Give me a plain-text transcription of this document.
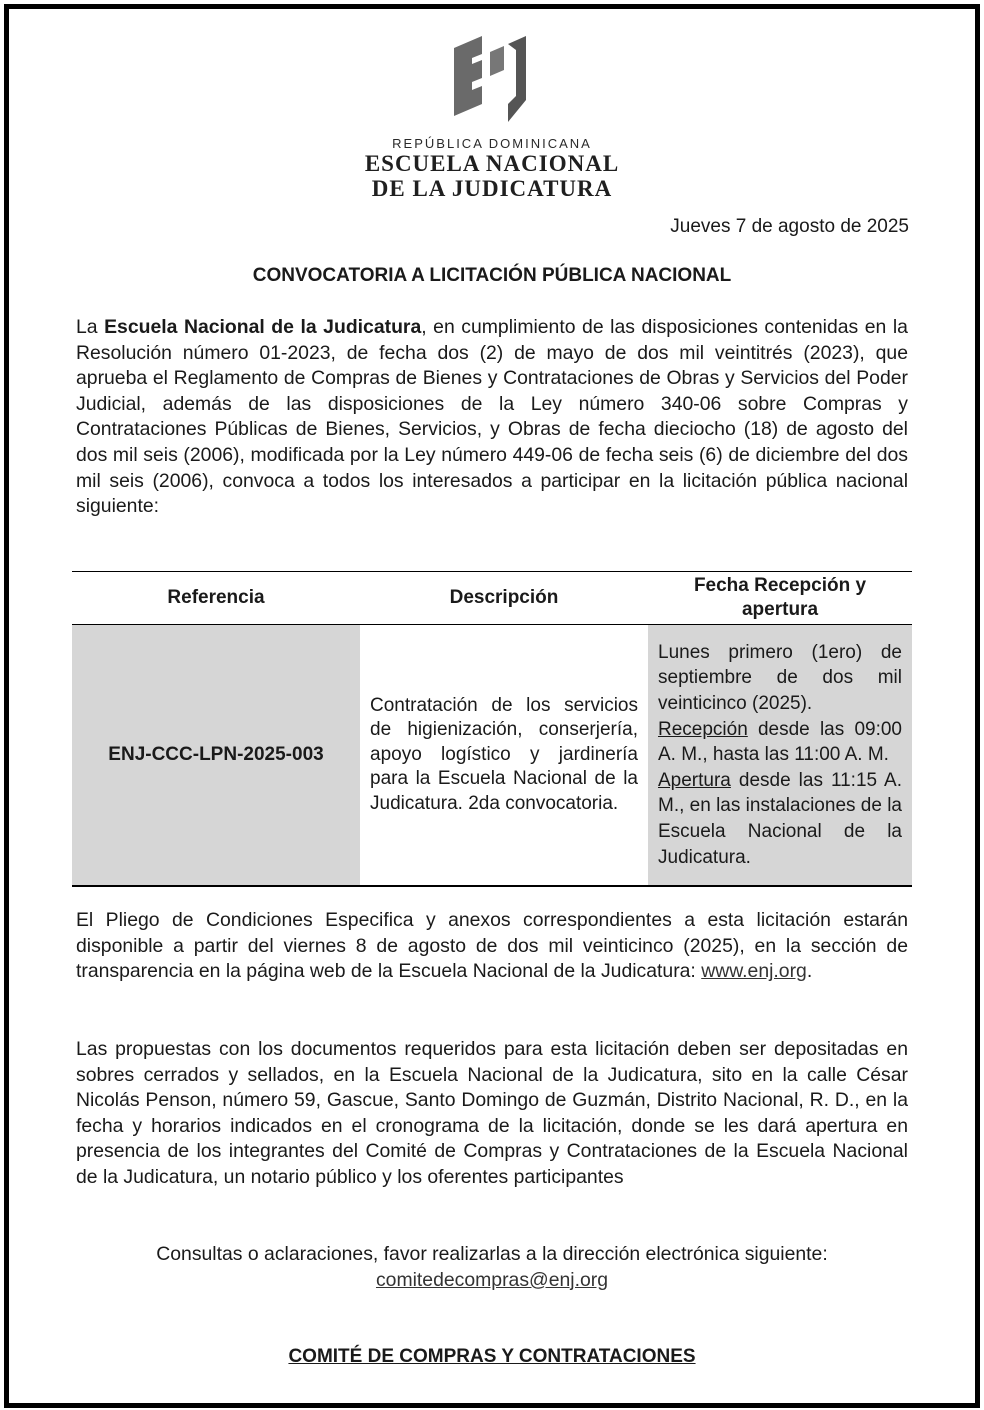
REPÚBLICA DOMINICANA
ESCUELA NACIONAL
DE LA JUDICATURA
Jueves 7 de agosto de 2025
CONVOCATORIA A LICITACIÓN PÚBLICA NACIONAL
La Escuela Nacional de la Judicatura, en cumplimiento de las disposiciones contenidas en la Resolución número 01-2023, de fecha dos (2) de mayo de dos mil veintitrés (2023), que aprueba el Reglamento de Compras de Bienes y Contrataciones de Obras y Servicios del Poder Judicial, además de las disposiciones de la Ley número 340-06 sobre Compras y Contrataciones Públicas de Bienes, Servicios, y Obras de fecha dieciocho (18) de agosto del dos mil seis (2006), modificada por la Ley número 449-06 de fecha seis (6) de diciembre del dos mil seis (2006), convoca a todos los interesados a participar en la licitación pública nacional siguiente:
Referencia	Descripción	Fecha Recepción y apertura
ENJ-CCC-LPN-2025-003	Contratación de los servicios de higienización, conserjería, apoyo logístico y jardinería para la Escuela Nacional de la Judicatura. 2da convocatoria.	Lunes primero (1ero) de septiembre de dos mil veinticinco (2025).
Recepción desde las 09:00 A. M., hasta las 11:00 A. M.
Apertura desde las 11:15 A. M., en las instalaciones de la Escuela Nacional de la Judicatura.
El Pliego de Condiciones Especifica y anexos correspondientes a esta licitación estarán disponible a partir del viernes 8 de agosto de dos mil veinticinco (2025), en la sección de transparencia en la página web de la Escuela Nacional de la Judicatura: www.enj.org.
Las propuestas con los documentos requeridos para esta licitación deben ser depositadas en sobres cerrados y sellados, en la Escuela Nacional de la Judicatura, sito en la calle César Nicolás Penson, número 59, Gascue, Santo Domingo de Guzmán, Distrito Nacional, R. D., en la fecha y horarios indicados en el cronograma de la licitación, donde se les dará apertura en presencia de los integrantes del Comité de Compras y Contrataciones de la Escuela Nacional de la Judicatura, un notario público y los oferentes participantes
Consultas o aclaraciones, favor realizarlas a la dirección electrónica siguiente:
comitedecompras@enj.org
COMITÉ DE COMPRAS Y CONTRATACIONES
